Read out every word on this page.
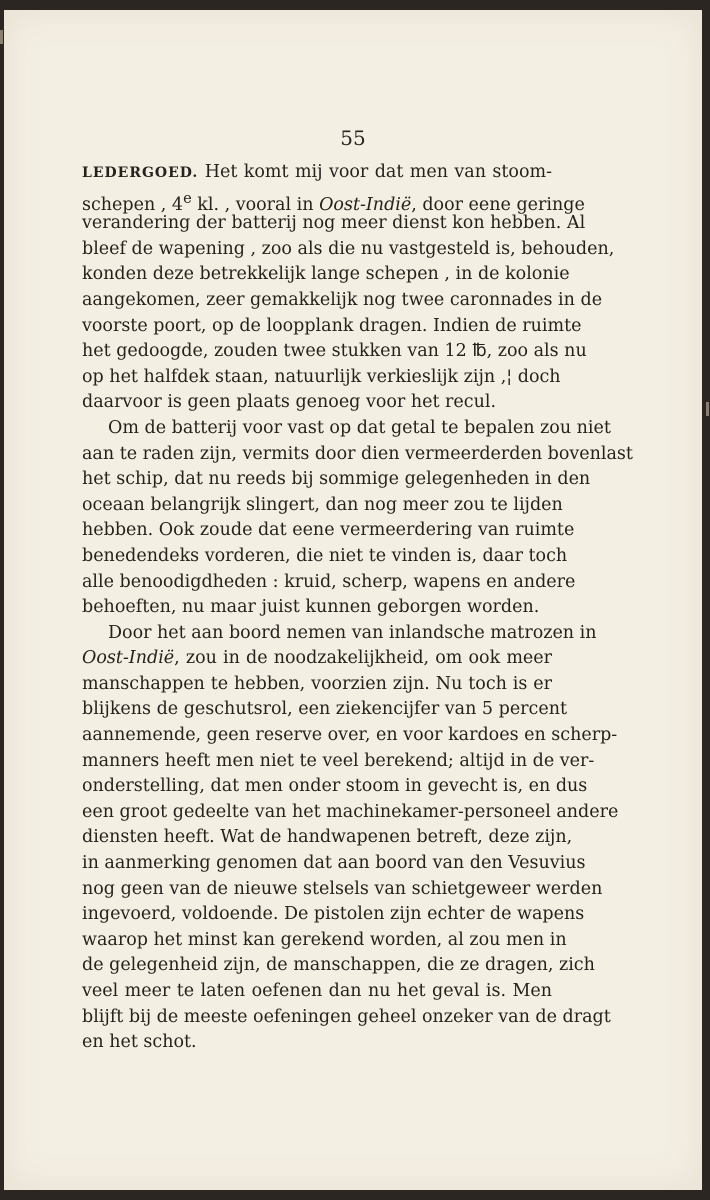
55
LEDERGOED. Het komt mij voor dat men van stoom-
schepen , 4e kl. , vooral in Oost-Indië, door eene geringe
verandering der batterij nog meer dienst kon hebben. Al
bleef de wapening , zoo als die nu vastgesteld is, behouden,
konden deze betrekkelijk lange schepen , in de kolonie
aangekomen, zeer gemakkelijk nog twee caronnades in de
voorste poort, op de loopplank dragen. Indien de ruimte
het gedoogde, zouden twee stukken van 12 ℔, zoo als nu
op het halfdek staan, natuurlijk verkieslijk zijn ,¦ doch
daarvoor is geen plaats genoeg voor het recul.
Om de batterij voor vast op dat getal te bepalen zou niet
aan te raden zijn, vermits door dien vermeerderden bovenlast
het schip, dat nu reeds bij sommige gelegenheden in den
oceaan belangrijk slingert, dan nog meer zou te lijden
hebben. Ook zoude dat eene vermeerdering van ruimte
benedendeks vorderen, die niet te vinden is, daar toch
alle benoodigdheden : kruid, scherp, wapens en andere
behoeften, nu maar juist kunnen geborgen worden.
Door het aan boord nemen van inlandsche matrozen in
Oost-Indië, zou in de noodzakelijkheid, om ook meer
manschappen te hebben, voorzien zijn. Nu toch is er
blijkens de geschutsrol, een ziekencijfer van 5 percent
aannemende, geen reserve over, en voor kardoes en scherp-
manners heeft men niet te veel berekend; altijd in de ver-
onderstelling, dat men onder stoom in gevecht is, en dus
een groot gedeelte van het machinekamer-personeel andere
diensten heeft. Wat de handwapenen betreft, deze zijn,
in aanmerking genomen dat aan boord van den Vesuvius
nog geen van de nieuwe stelsels van schietgeweer werden
ingevoerd, voldoende. De pistolen zijn echter de wapens
waarop het minst kan gerekend worden, al zou men in
de gelegenheid zijn, de manschappen, die ze dragen, zich
veel meer te laten oefenen dan nu het geval is. Men
blijft bij de meeste oefeningen geheel onzeker van de dragt
en het schot.
